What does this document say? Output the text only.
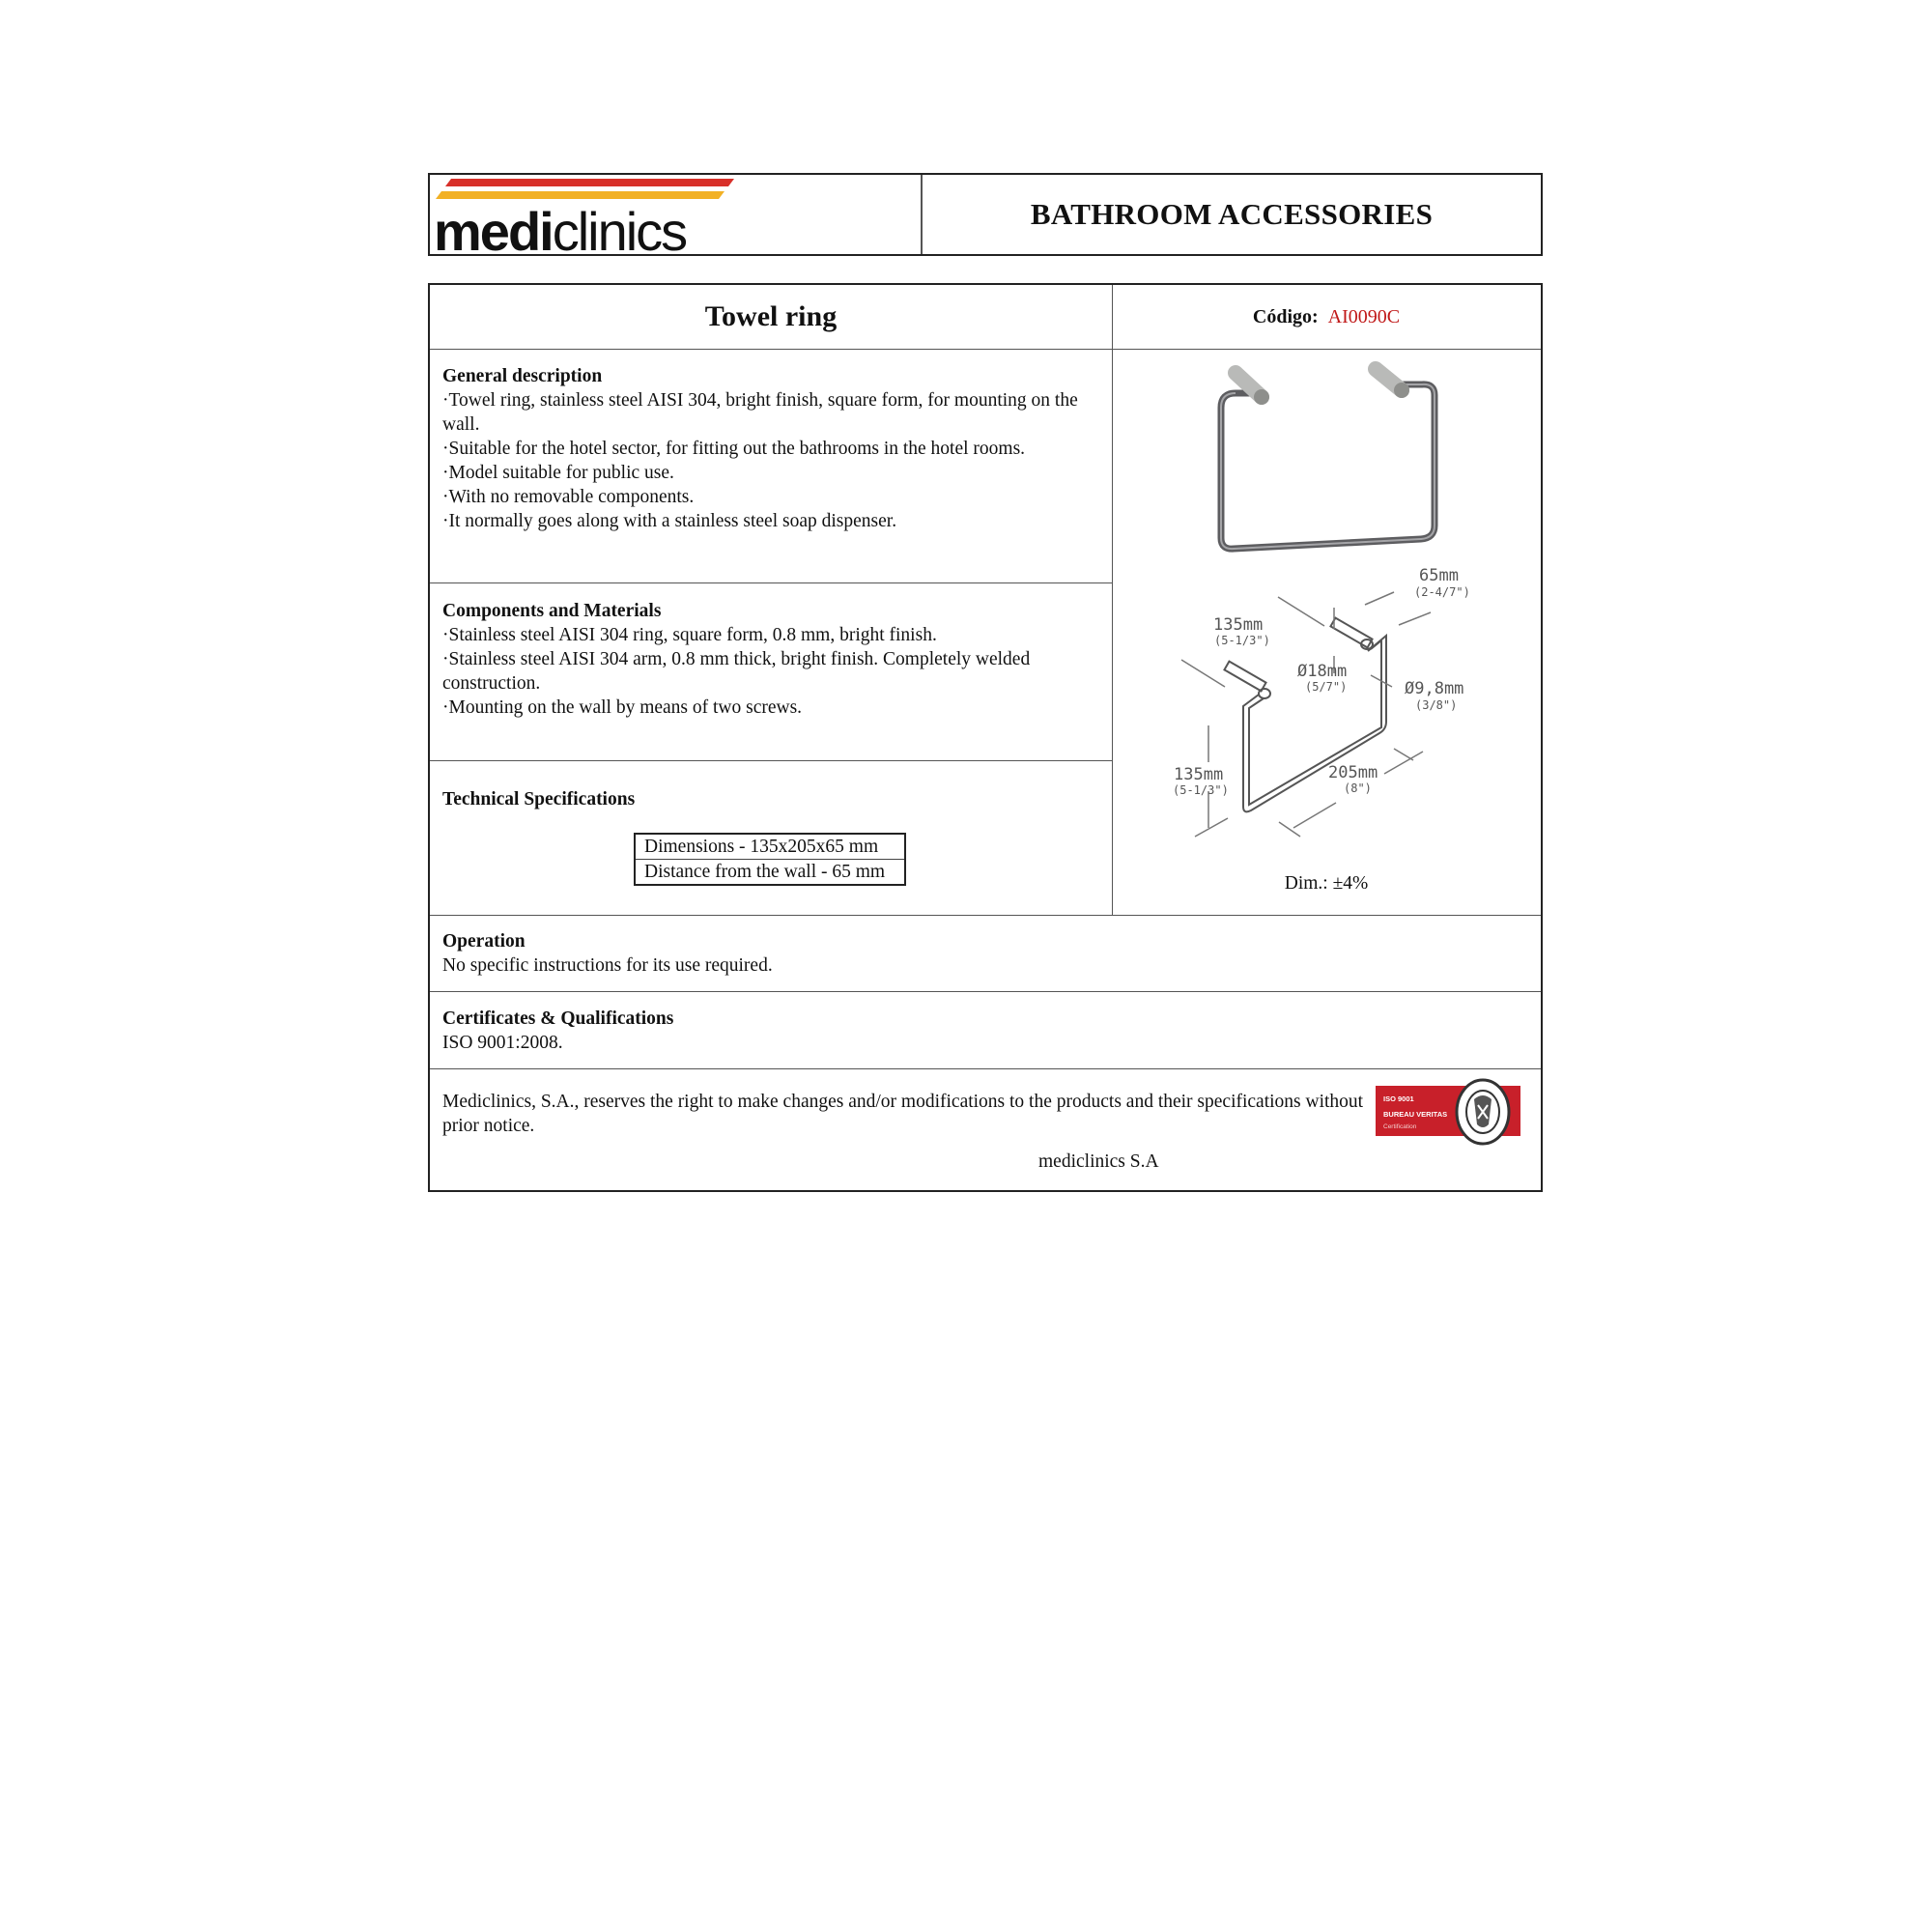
mediclinics	BATHROOM ACCESSORIES
Towel ring	Código: AI0090C
General description

·Towel ring, stainless steel AISI 304, bright finish, square form, for mounting on the wall.

·Suitable for the hotel sector, for fitting out the bathrooms in the hotel rooms.

·Model suitable for public use.

·With no removable components.

·It normally goes along with a stainless steel soap dispenser.

Components and Materials

·Stainless steel AISI 304 ring, square form, 0.8 mm, bright finish.

·Stainless steel AISI 304 arm, 0.8 mm thick, bright finish. Completely welded construction.

·Mounting on the wall by means of two screws.

Technical Specifications
Dimensions - 135x205x65 mm
Distance from the wall - 65 mm
65mm
(2-4/7")
135mm
(5-1/3")
Ø18mm
(5/7")	Ø9,8mm
(3/8")
135mm
(5-1/3")
205mm
(8")
Dim.: ±4%
Operation

No specific instructions for its use required.

Certificates & Qualifications

ISO 9001:2008.

Mediclinics, S.A., reserves the right to make changes and/or modifications to the products and their specifications without prior notice.
mediclinics S.A
ISO 9001
BUREAU VERITAS
Certification
